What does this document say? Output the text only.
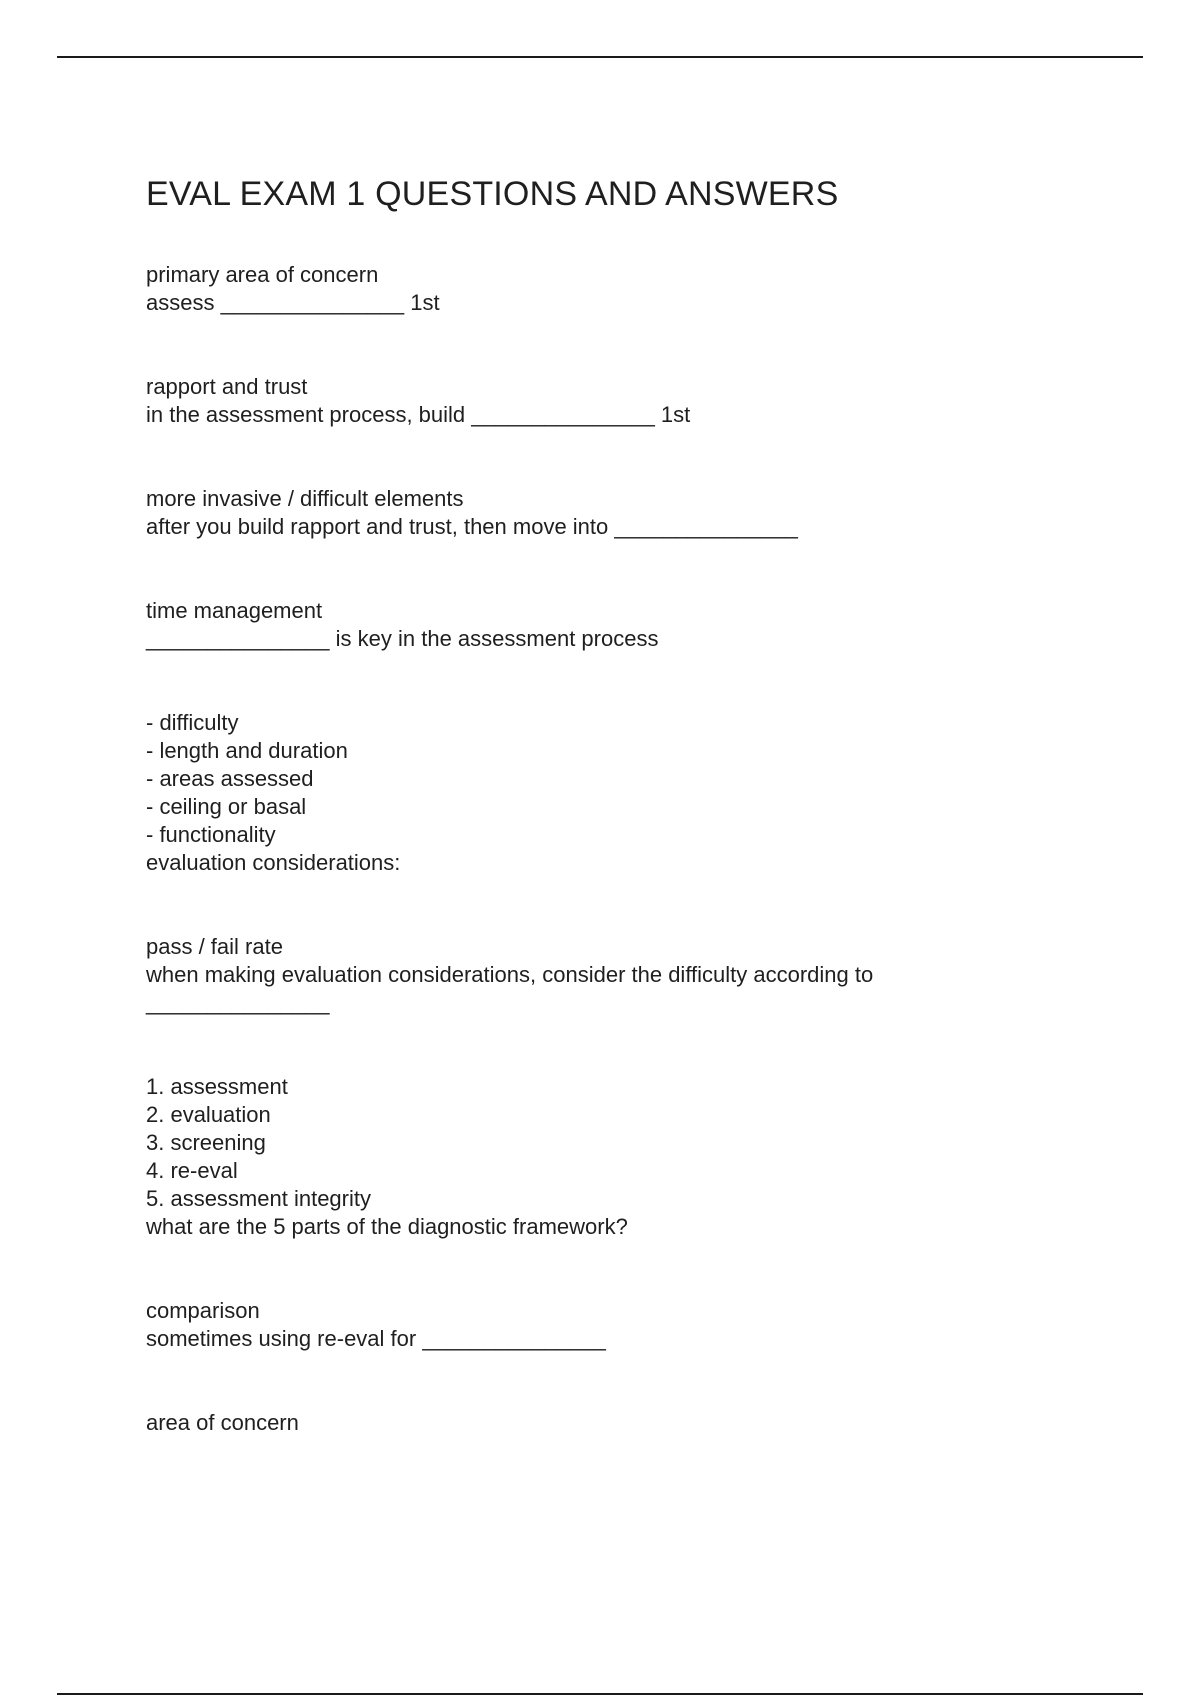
EVAL EXAM 1 QUESTIONS AND ANSWERS
primary area of concern
assess _______________ 1st
rapport and trust
in the assessment process, build _______________ 1st
more invasive / difficult elements
after you build rapport and trust, then move into _______________
time management
_______________ is key in the assessment process
- difficulty
- length and duration
- areas assessed
- ceiling or basal
- functionality
evaluation considerations:
pass / fail rate
when making evaluation considerations, consider the difficulty according to _______________
1. assessment
2. evaluation
3. screening
4. re-eval
5. assessment integrity
what are the 5 parts of the diagnostic framework?
comparison
sometimes using re-eval for _______________
area of concern
